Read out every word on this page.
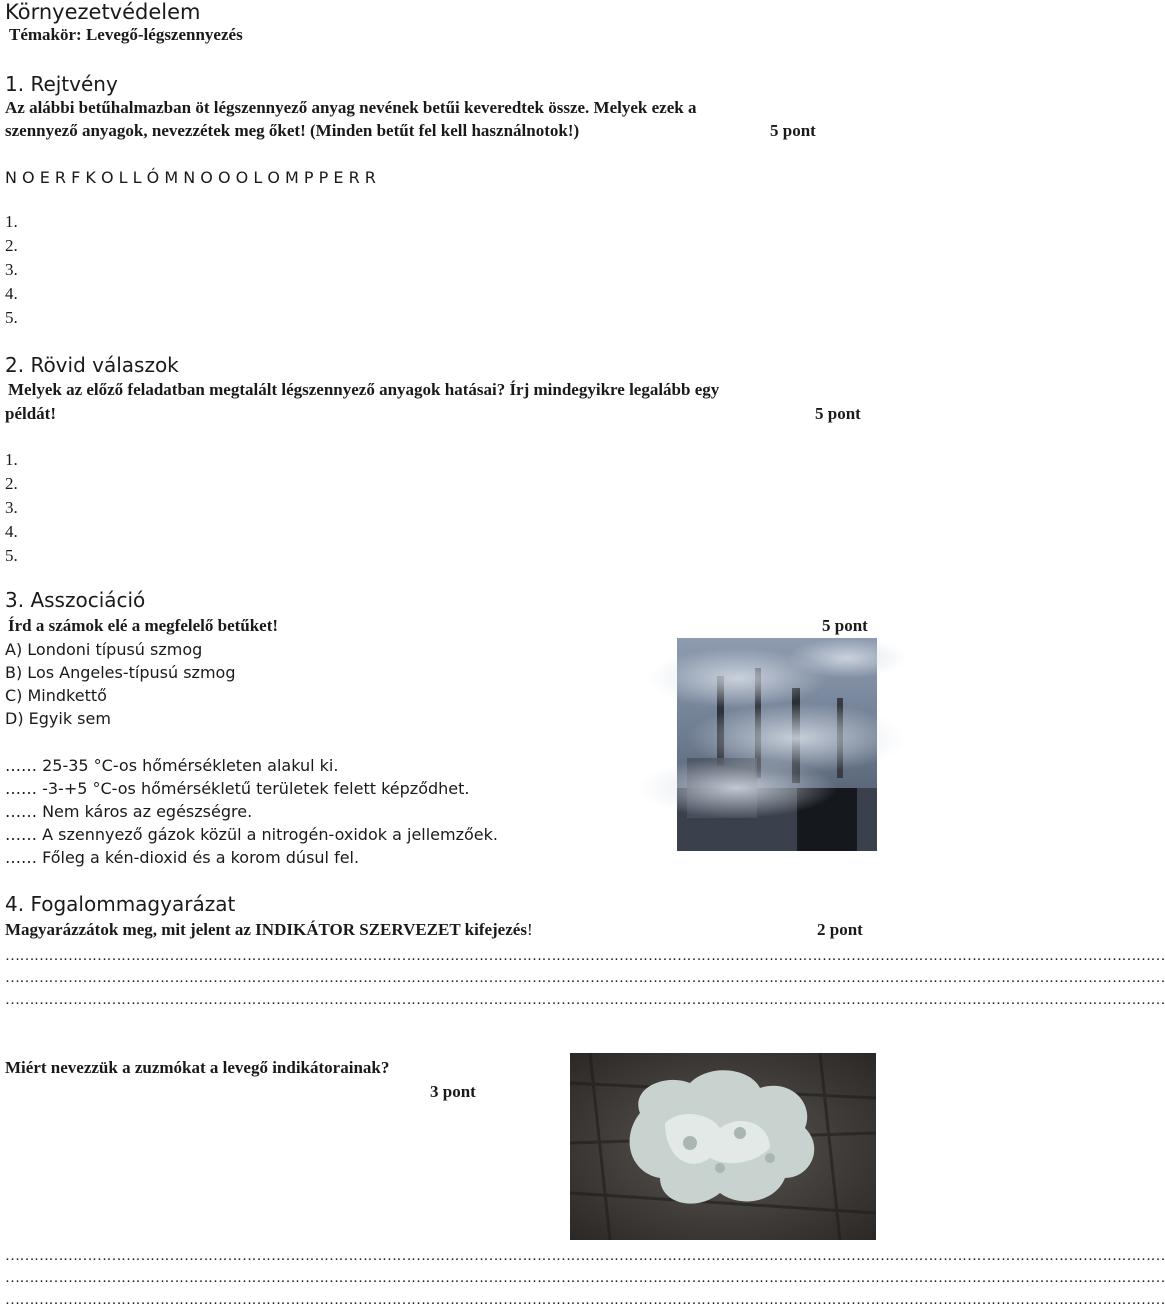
Környezetvédelem
Témakör: Levegő-légszennyezés
1. Rejtvény
Az alábbi betűhalmazban öt légszennyező anyag nevének betűi keveredtek össze. Melyek ezek a
szennyező anyagok, nevezzétek meg őket! (Minden betűt fel kell használnotok!)	5 pont
N O E R F K O L L Ó M N O O O L O M P P E R R
1.
2.
3.
4.
5.
2. Rövid válaszok
Melyek az előző feladatban megtalált légszennyező anyagok hatásai? Írj mindegyikre legalább egy
példát!	5 pont
1.
2.
3.
4.
5.
3. Asszociáció
Írd a számok elé a megfelelő betűket!	5 pont
A) Londoni típusú szmog
B) Los Angeles-típusú szmog
C) Mindkettő
D) Egyik sem
…… 25-35 °C-os hőmérsékleten alakul ki.
…… -3-+5 °C-os hőmérsékletű területek felett képződhet.
…… Nem káros az egészségre.
…… A szennyező gázok közül a nitrogén-oxidok a jellemzőek.
…… Főleg a kén-dioxid és a korom dúsul fel.
4. Fogalommagyarázat
Magyarázzátok meg, mit jelent az INDIKÁTOR SZERVEZET kifejezés!	2 pont
……………………………………………………………………………………………………………………………………………………………………………………………………………………
……………………………………………………………………………………………………………………………………………………………………………………………………………………
……………………………………………………………………………………………………………………………………………………………………………………………………………………
Miért nevezzük a zuzmókat a levegő indikátorainak?
3 pont
……………………………………………………………………………………………………………………………………………………………………………………………………………………
……………………………………………………………………………………………………………………………………………………………………………………………………………………
……………………………………………………………………………………………………………………………………………………………………………………………………………………
